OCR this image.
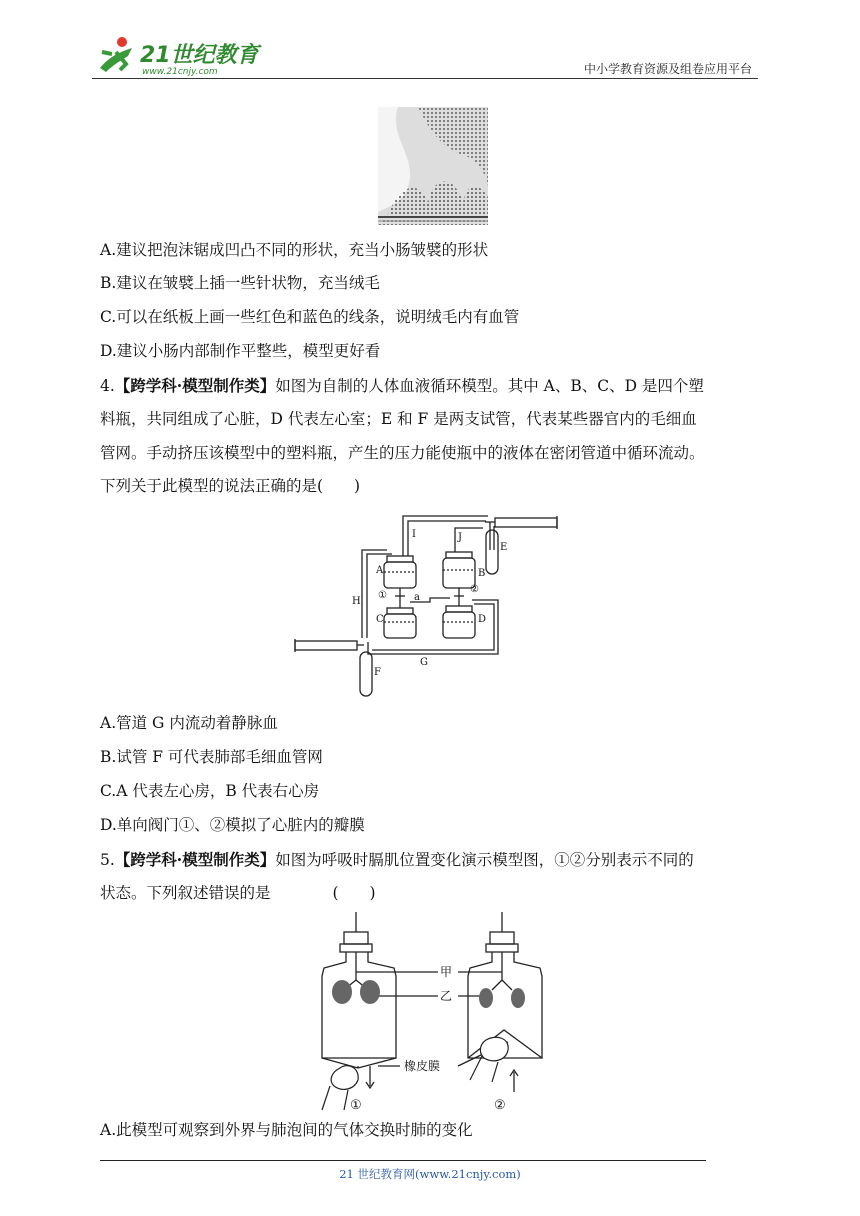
21世纪教育
www.21cnjy.com	中小学教育资源及组卷应用平台
A.建议把泡沫锯成凹凸不同的形状，充当小肠皱襞的形状
B.建议在皱襞上插一些针状物，充当绒毛
C.可以在纸板上画一些红色和蓝色的线条，说明绒毛内有血管
D.建议小肠内部制作平整些，模型更好看
4.【跨学科·模型制作类】如图为自制的人体血液循环模型。其中 A、B、C、D 是四个塑
料瓶，共同组成了心脏，D 代表左心室；E 和 F 是两支试管，代表某些器官内的毛细血
管网。手动挤压该模型中的塑料瓶，产生的压力能使瓶中的液体在密闭管道中循环流动。
下列关于此模型的说法正确的是(　　)
I	J
E
A	B
①	a
②
H
C	D
G
F
A.管道 G 内流动着静脉血
B.试管 F 可代表肺部毛细血管网
C.A 代表左心房，B 代表右心房
D.单向阀门①、②模拟了心脏内的瓣膜
5.【跨学科·模型制作类】如图为呼吸时膈肌位置变化演示模型图，①②分别表示不同的
状态。下列叙述错误的是　　　　(　　)
甲
乙
橡皮膜
①	②
A.此模型可观察到外界与肺泡间的气体交换时肺的变化
21 世纪教育网(www.21cnjy.com)
